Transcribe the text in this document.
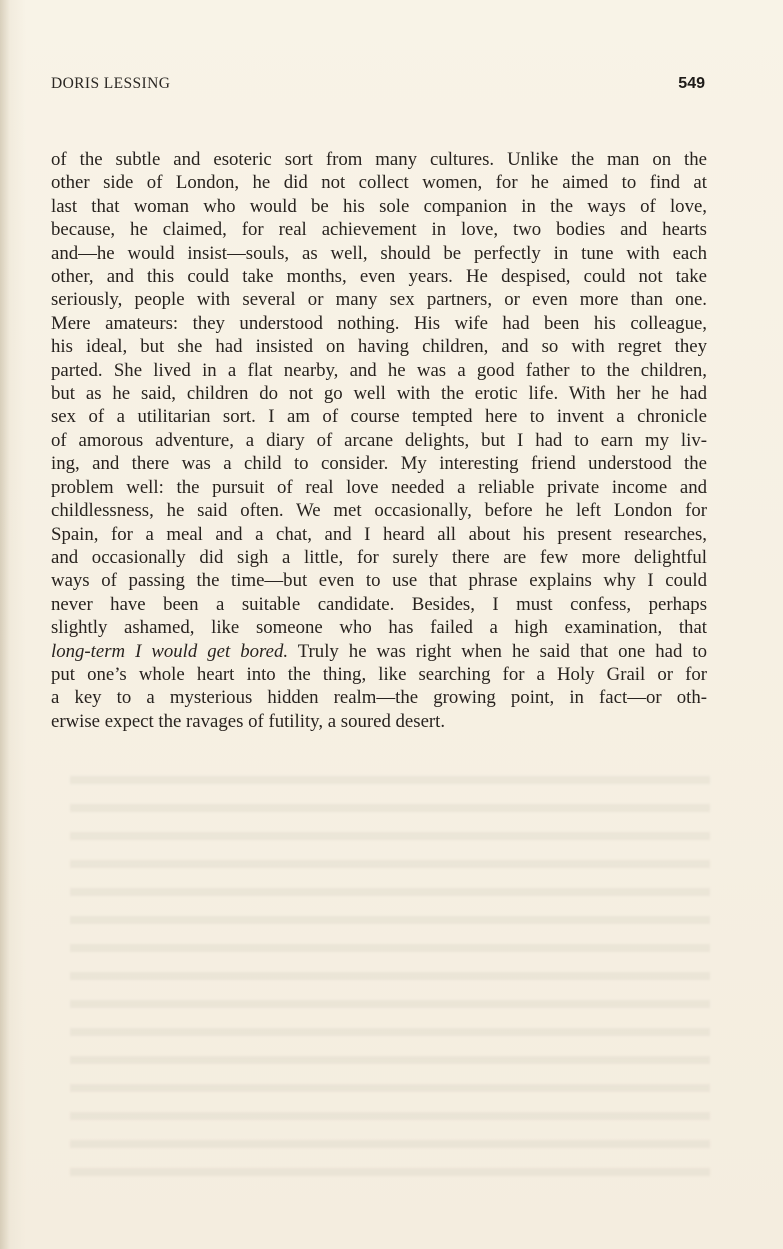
DORIS LESSING	549

of the subtle and esoteric sort from many cultures. Unlike the man on the
other side of London, he did not collect women, for he aimed to find at
last that woman who would be his sole companion in the ways of love,
because, he claimed, for real achievement in love, two bodies and hearts
and—he would insist—souls, as well, should be perfectly in tune with each
other, and this could take months, even years. He despised, could not take
seriously, people with several or many sex partners, or even more than one.
Mere amateurs: they understood nothing. His wife had been his colleague,
his ideal, but she had insisted on having children, and so with regret they
parted. She lived in a flat nearby, and he was a good father to the children,
but as he said, children do not go well with the erotic life. With her he had
sex of a utilitarian sort. I am of course tempted here to invent a chronicle
of amorous adventure, a diary of arcane delights, but I had to earn my liv-
ing, and there was a child to consider. My interesting friend understood the
problem well: the pursuit of real love needed a reliable private income and
childlessness, he said often. We met occasionally, before he left London for
Spain, for a meal and a chat, and I heard all about his present researches,
and occasionally did sigh a little, for surely there are few more delightful
ways of passing the time—but even to use that phrase explains why I could
never have been a suitable candidate. Besides, I must confess, perhaps
slightly ashamed, like someone who has failed a high examination, that
long-term I would get bored. Truly he was right when he said that one had to
put one’s whole heart into the thing, like searching for a Holy Grail or for
a key to a mysterious hidden realm—the growing point, in fact—or oth-
erwise expect the ravages of futility, a soured desert.
